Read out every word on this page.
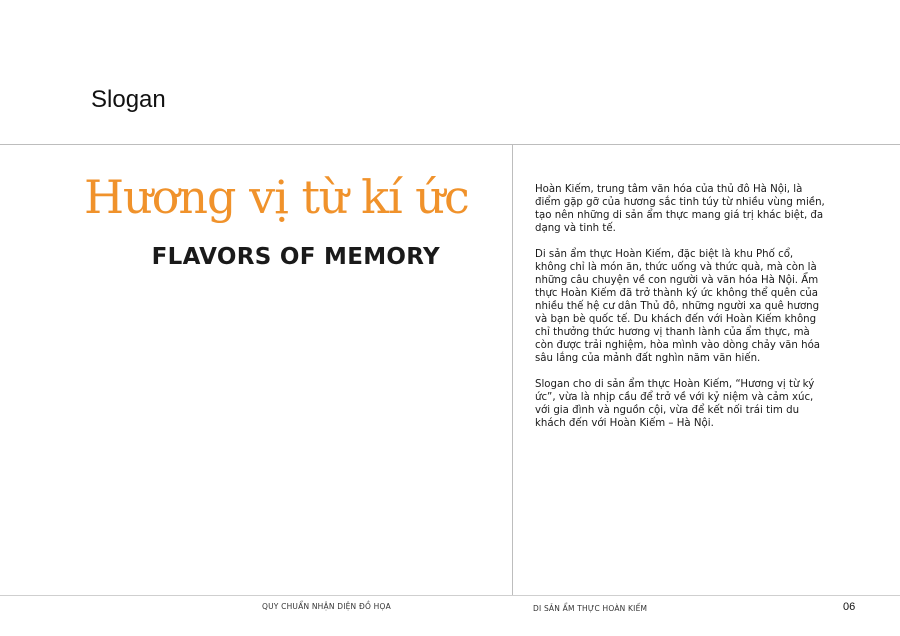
Slogan
Hương vị từ kí ức
FLAVORS OF MEMORY

Hoàn Kiếm, trung tâm văn hóa của thủ đô Hà Nội, là điểm gặp gỡ của hương sắc tinh túy từ nhiều vùng miền, tạo nên những di sản ẩm thực mang giá trị khác biệt, đa dạng và tinh tế.

Di sản ẩm thực Hoàn Kiếm, đặc biệt là khu Phố cổ, không chỉ là món ăn, thức uống và thức quà, mà còn là những câu chuyện về con người và văn hóa Hà Nội. Ẩm thực Hoàn Kiếm đã trở thành ký ức không thể quên của nhiều thế hệ cư dân Thủ đô, những người xa quê hương và bạn bè quốc tế. Du khách đến với Hoàn Kiếm không chỉ thưởng thức hương vị thanh lành của ẩm thực, mà còn được trải nghiệm, hòa mình vào dòng chảy văn hóa sâu lắng của mảnh đất nghìn năm văn hiến.

Slogan cho di sản ẩm thực Hoàn Kiếm, “Hương vị từ ký ức”, vừa là nhịp cầu để trở về với kỷ niệm và cảm xúc, với gia đình và nguồn cội, vừa để kết nối trái tim du khách đến với Hoàn Kiếm – Hà Nội.

QUY CHUẨN NHẬN DIỆN ĐỒ HỌA	DI SẢN ẨM THỰC HOÀN KIẾM	06
